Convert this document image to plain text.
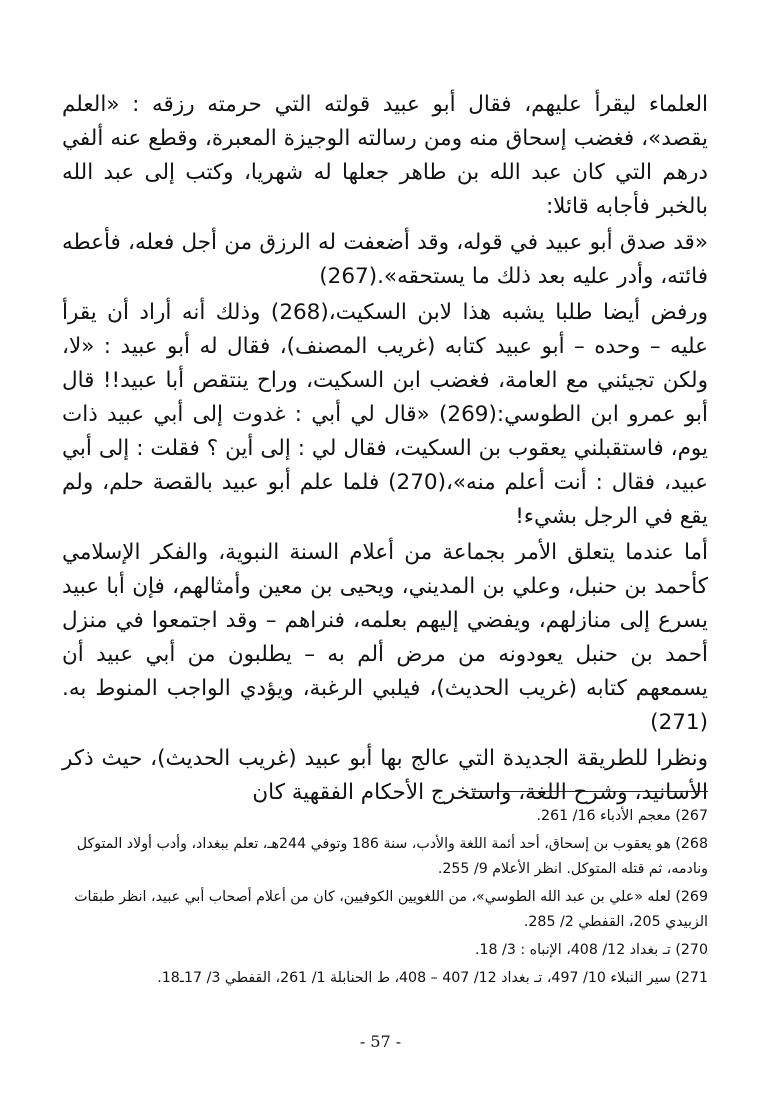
العلماء ليقرأ عليهم، فقال أبو عبيد قولته التي حرمته رزقه : «العلم يقصد»، فغضب إسحاق منه ومن رسالته الوجيزة المعبرة، وقطع عنه ألفي درهم التي كان عبد الله بن طاهر جعلها له شهريا، وكتب إلى عبد الله بالخبر فأجابه قائلا:

«قد صدق أبو عبيد في قوله، وقد أضعفت له الرزق من أجل فعله، فأعطه فائته، وأدر عليه بعد ذلك ما يستحقه».(267)

ورفض أيضا طلبا يشبه هذا لابن السكيت،(268) وذلك أنه أراد أن يقرأ عليه – وحده – أبو عبيد كتابه (غريب المصنف)، فقال له أبو عبيد : «لا، ولكن تجيئني مع العامة، فغضب ابن السكيت، وراح ينتقص أبا عبيد!! قال أبو عمرو ابن الطوسي:(269) «قال لي أبي : غدوت إلى أبي عبيد ذات يوم، فاستقبلني يعقوب بن السكيت، فقال لي : إلى أين ؟ فقلت : إلى أبي عبيد، فقال : أنت أعلم منه»،(270) فلما علم أبو عبيد بالقصة حلم، ولم يقع في الرجل بشيء!

أما عندما يتعلق الأمر بجماعة من أعلام السنة النبوية، والفكر الإسلامي كأحمد بن حنبل، وعلي بن المديني، ويحيى بن معين وأمثالهم، فإن أبا عبيد يسرع إلى منازلهم، ويفضي إليهم بعلمه، فنراهم – وقد اجتمعوا في منزل أحمد بن حنبل يعودونه من مرض ألم به – يطلبون من أبي عبيد أن يسمعهم كتابه (غريب الحديث)، فيلبي الرغبة، ويؤدي الواجب المنوط به.(271)

ونظرا للطريقة الجديدة التي عالج بها أبو عبيد (غريب الحديث)، حيث ذكر الأسانيد، وشرح اللغة، واستخرج الأحكام الفقهية كان

267) معجم الأدباء 16/ 261.

268) هو يعقوب بن إسحاق، أحد أئمة اللغة والأدب، سنة 186 وتوفي 244هـ، تعلم ببغداد، وأدب أولاد المتوكل ونادمه، ثم قتله المتوكل. انظر الأعلام 9/ 255.

269) لعله «علي بن عبد الله الطوسي»، من اللغويين الكوفيين، كان من أعلام أصحاب أبي عبيد، انظر طبقات الزبيدي 205، القفطي 2/ 285.

270) تـ بغداد 12/ 408، الإنباه : 3/ 18.

271) سير النبلاء 10/ 497، تـ بغداد 12/ 407 – 408، ط الحنابلة 1/ 261، القفطي 3/ 17ـ18.

- 57 -
